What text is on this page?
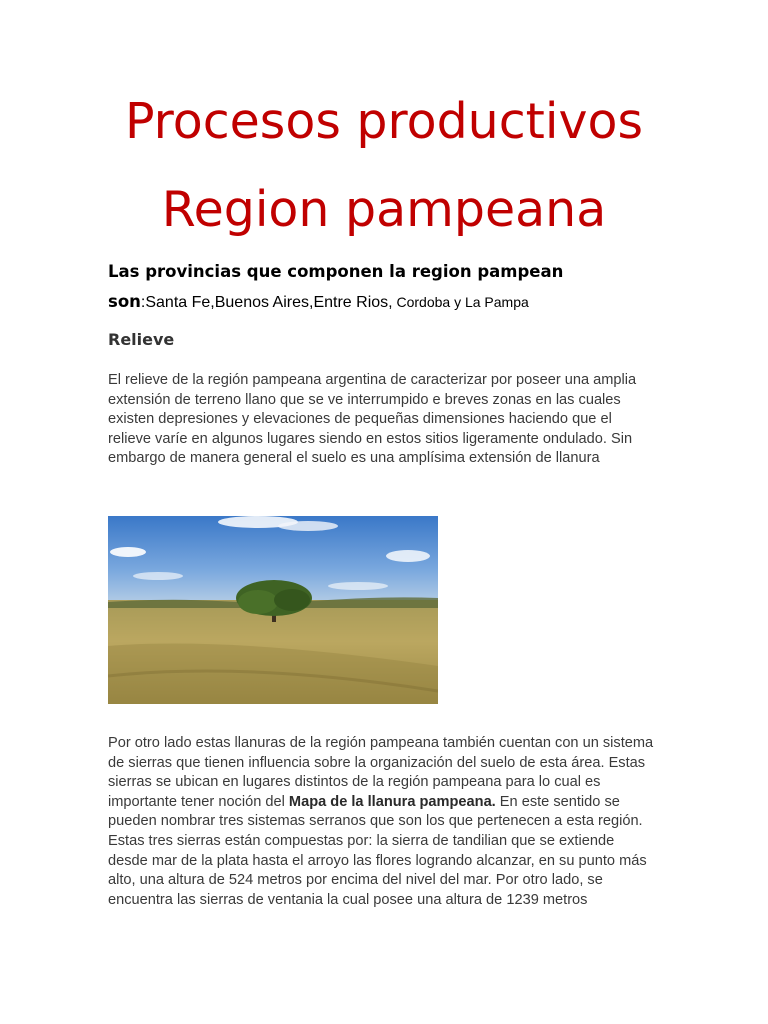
Procesos productivos
Region pampeana
Las provincias que componen la region pampean
son:Santa Fe,Buenos Aires,Entre Rios, Cordoba y La Pampa
Relieve
El relieve de la región pampeana argentina de caracterizar por poseer una amplia extensión de terreno llano que se ve interrumpido e breves zonas en las cuales existen depresiones y elevaciones de pequeñas dimensiones haciendo que el relieve varíe en algunos lugares siendo en estos sitios ligeramente ondulado. Sin embargo de manera general el suelo es una amplísima extensión de llanura
Por otro lado estas llanuras de la región pampeana también cuentan con un sistema de sierras que tienen influencia sobre la organización del suelo de esta área. Estas sierras se ubican en lugares distintos de la región pampeana para lo cual es importante tener noción del Mapa de la llanura pampeana. En este sentido se pueden nombrar tres sistemas serranos que son los que pertenecen a esta región.
Estas tres sierras están compuestas por: la sierra de tandilian que se extiende desde mar de la plata hasta el arroyo las flores logrando alcanzar, en su punto más alto, una altura de 524 metros por encima del nivel del mar. Por otro lado, se encuentra las sierras de ventania la cual posee una altura de 1239 metros
